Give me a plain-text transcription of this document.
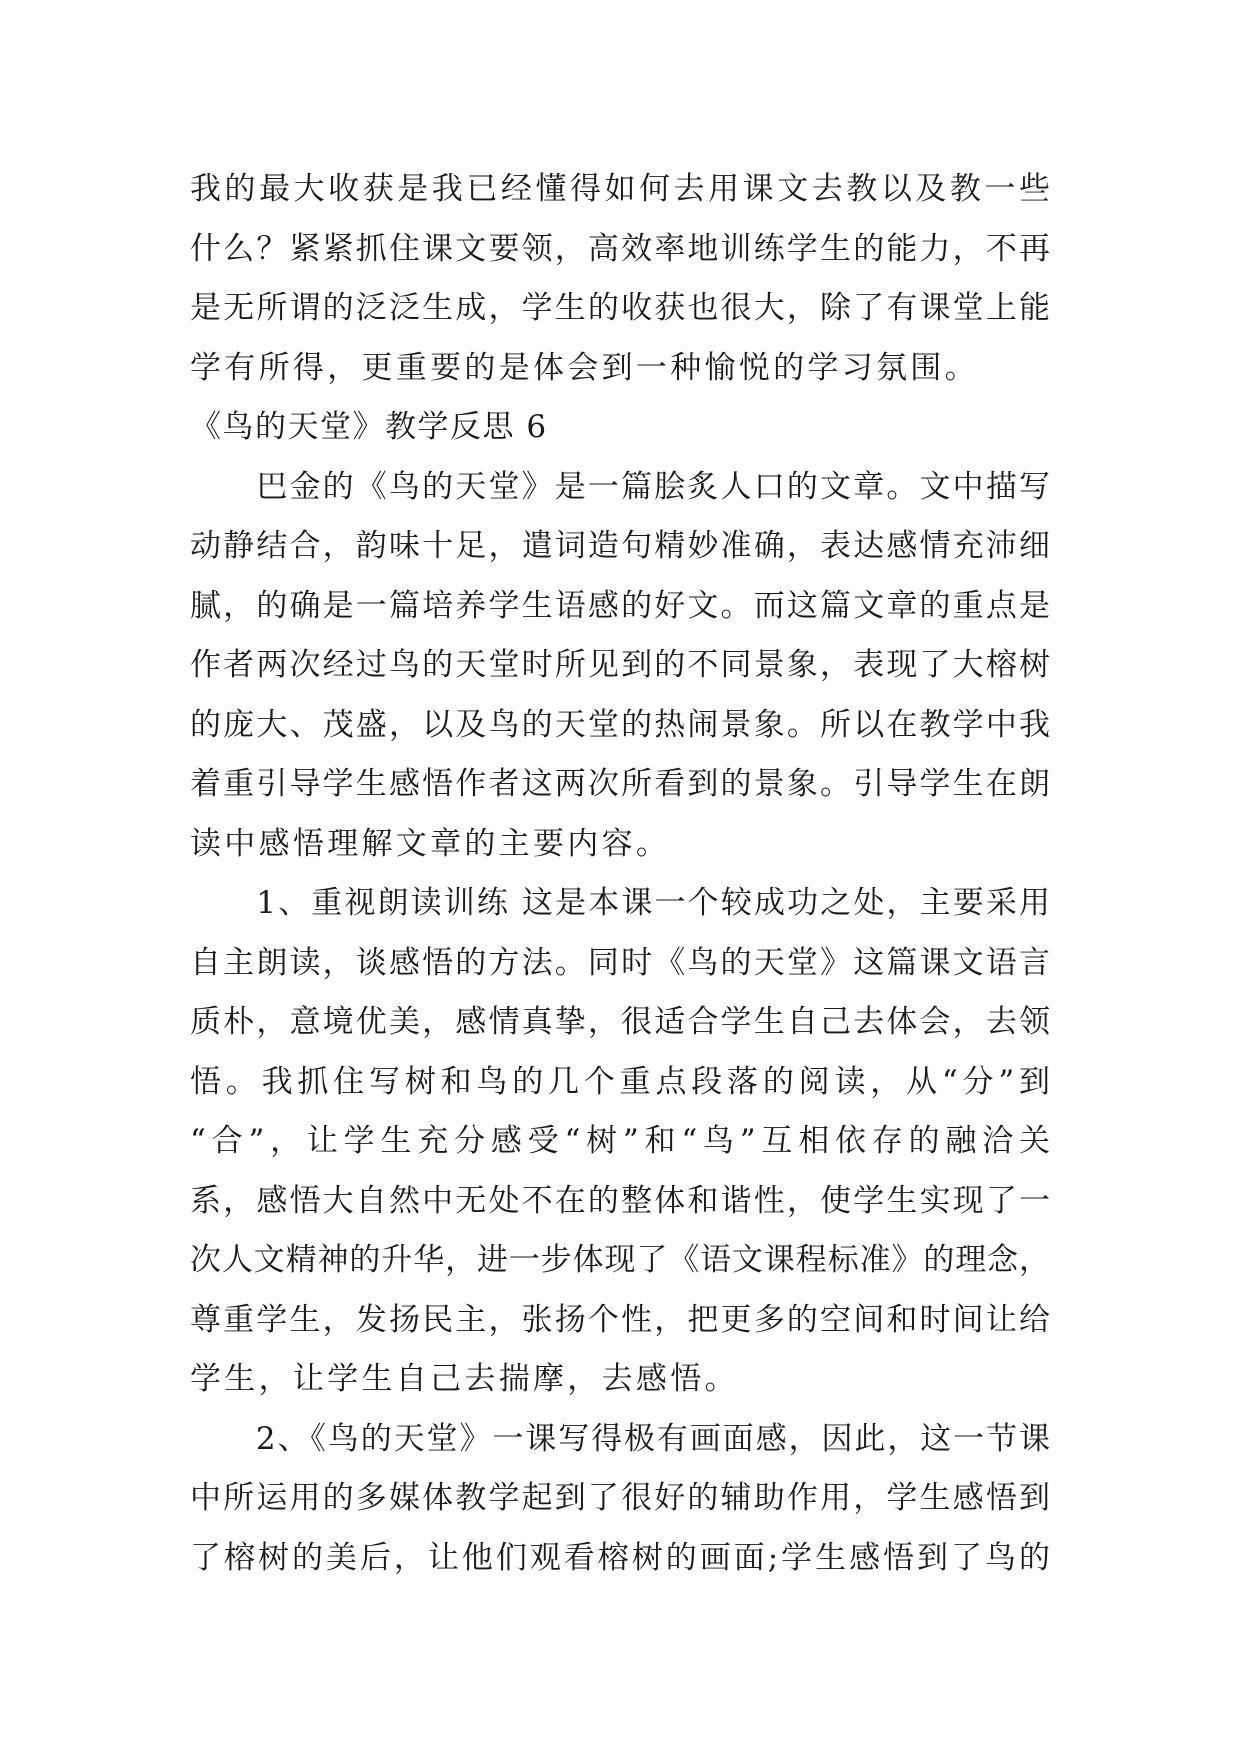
我的最大收获是我已经懂得如何去用课文去教以及教一些
什么？紧紧抓住课文要领，高效率地训练学生的能力，不再
是无所谓的泛泛生成，学生的收获也很大，除了有课堂上能
学有所得，更重要的是体会到一种愉悦的学习氛围。
《鸟的天堂》教学反思 6
　　巴金的《鸟的天堂》是一篇脍炙人口的文章。文中描写
动静结合，韵味十足，遣词造句精妙准确，表达感情充沛细
腻，的确是一篇培养学生语感的好文。而这篇文章的重点是
作者两次经过鸟的天堂时所见到的不同景象，表现了大榕树
的庞大、茂盛，以及鸟的天堂的热闹景象。所以在教学中我
着重引导学生感悟作者这两次所看到的景象。引导学生在朗
读中感悟理解文章的主要内容。
　　1、重视朗读训练 这是本课一个较成功之处，主要采用
自主朗读，谈感悟的方法。同时《鸟的天堂》这篇课文语言
质朴，意境优美，感情真挚，很适合学生自己去体会，去领
悟。我抓住写树和鸟的几个重点段落的阅读，从“分”到
“合”，让学生充分感受“树”和“鸟”互相依存的融洽关
系，感悟大自然中无处不在的整体和谐性，使学生实现了一
次人文精神的升华，进一步体现了《语文课程标准》的理念，
尊重学生，发扬民主，张扬个性，把更多的空间和时间让给
学生，让学生自己去揣摩，去感悟。
　　2、《鸟的天堂》一课写得极有画面感，因此，这一节课
中所运用的多媒体教学起到了很好的辅助作用，学生感悟到
了榕树的美后，让他们观看榕树的画面;学生感悟到了鸟的
